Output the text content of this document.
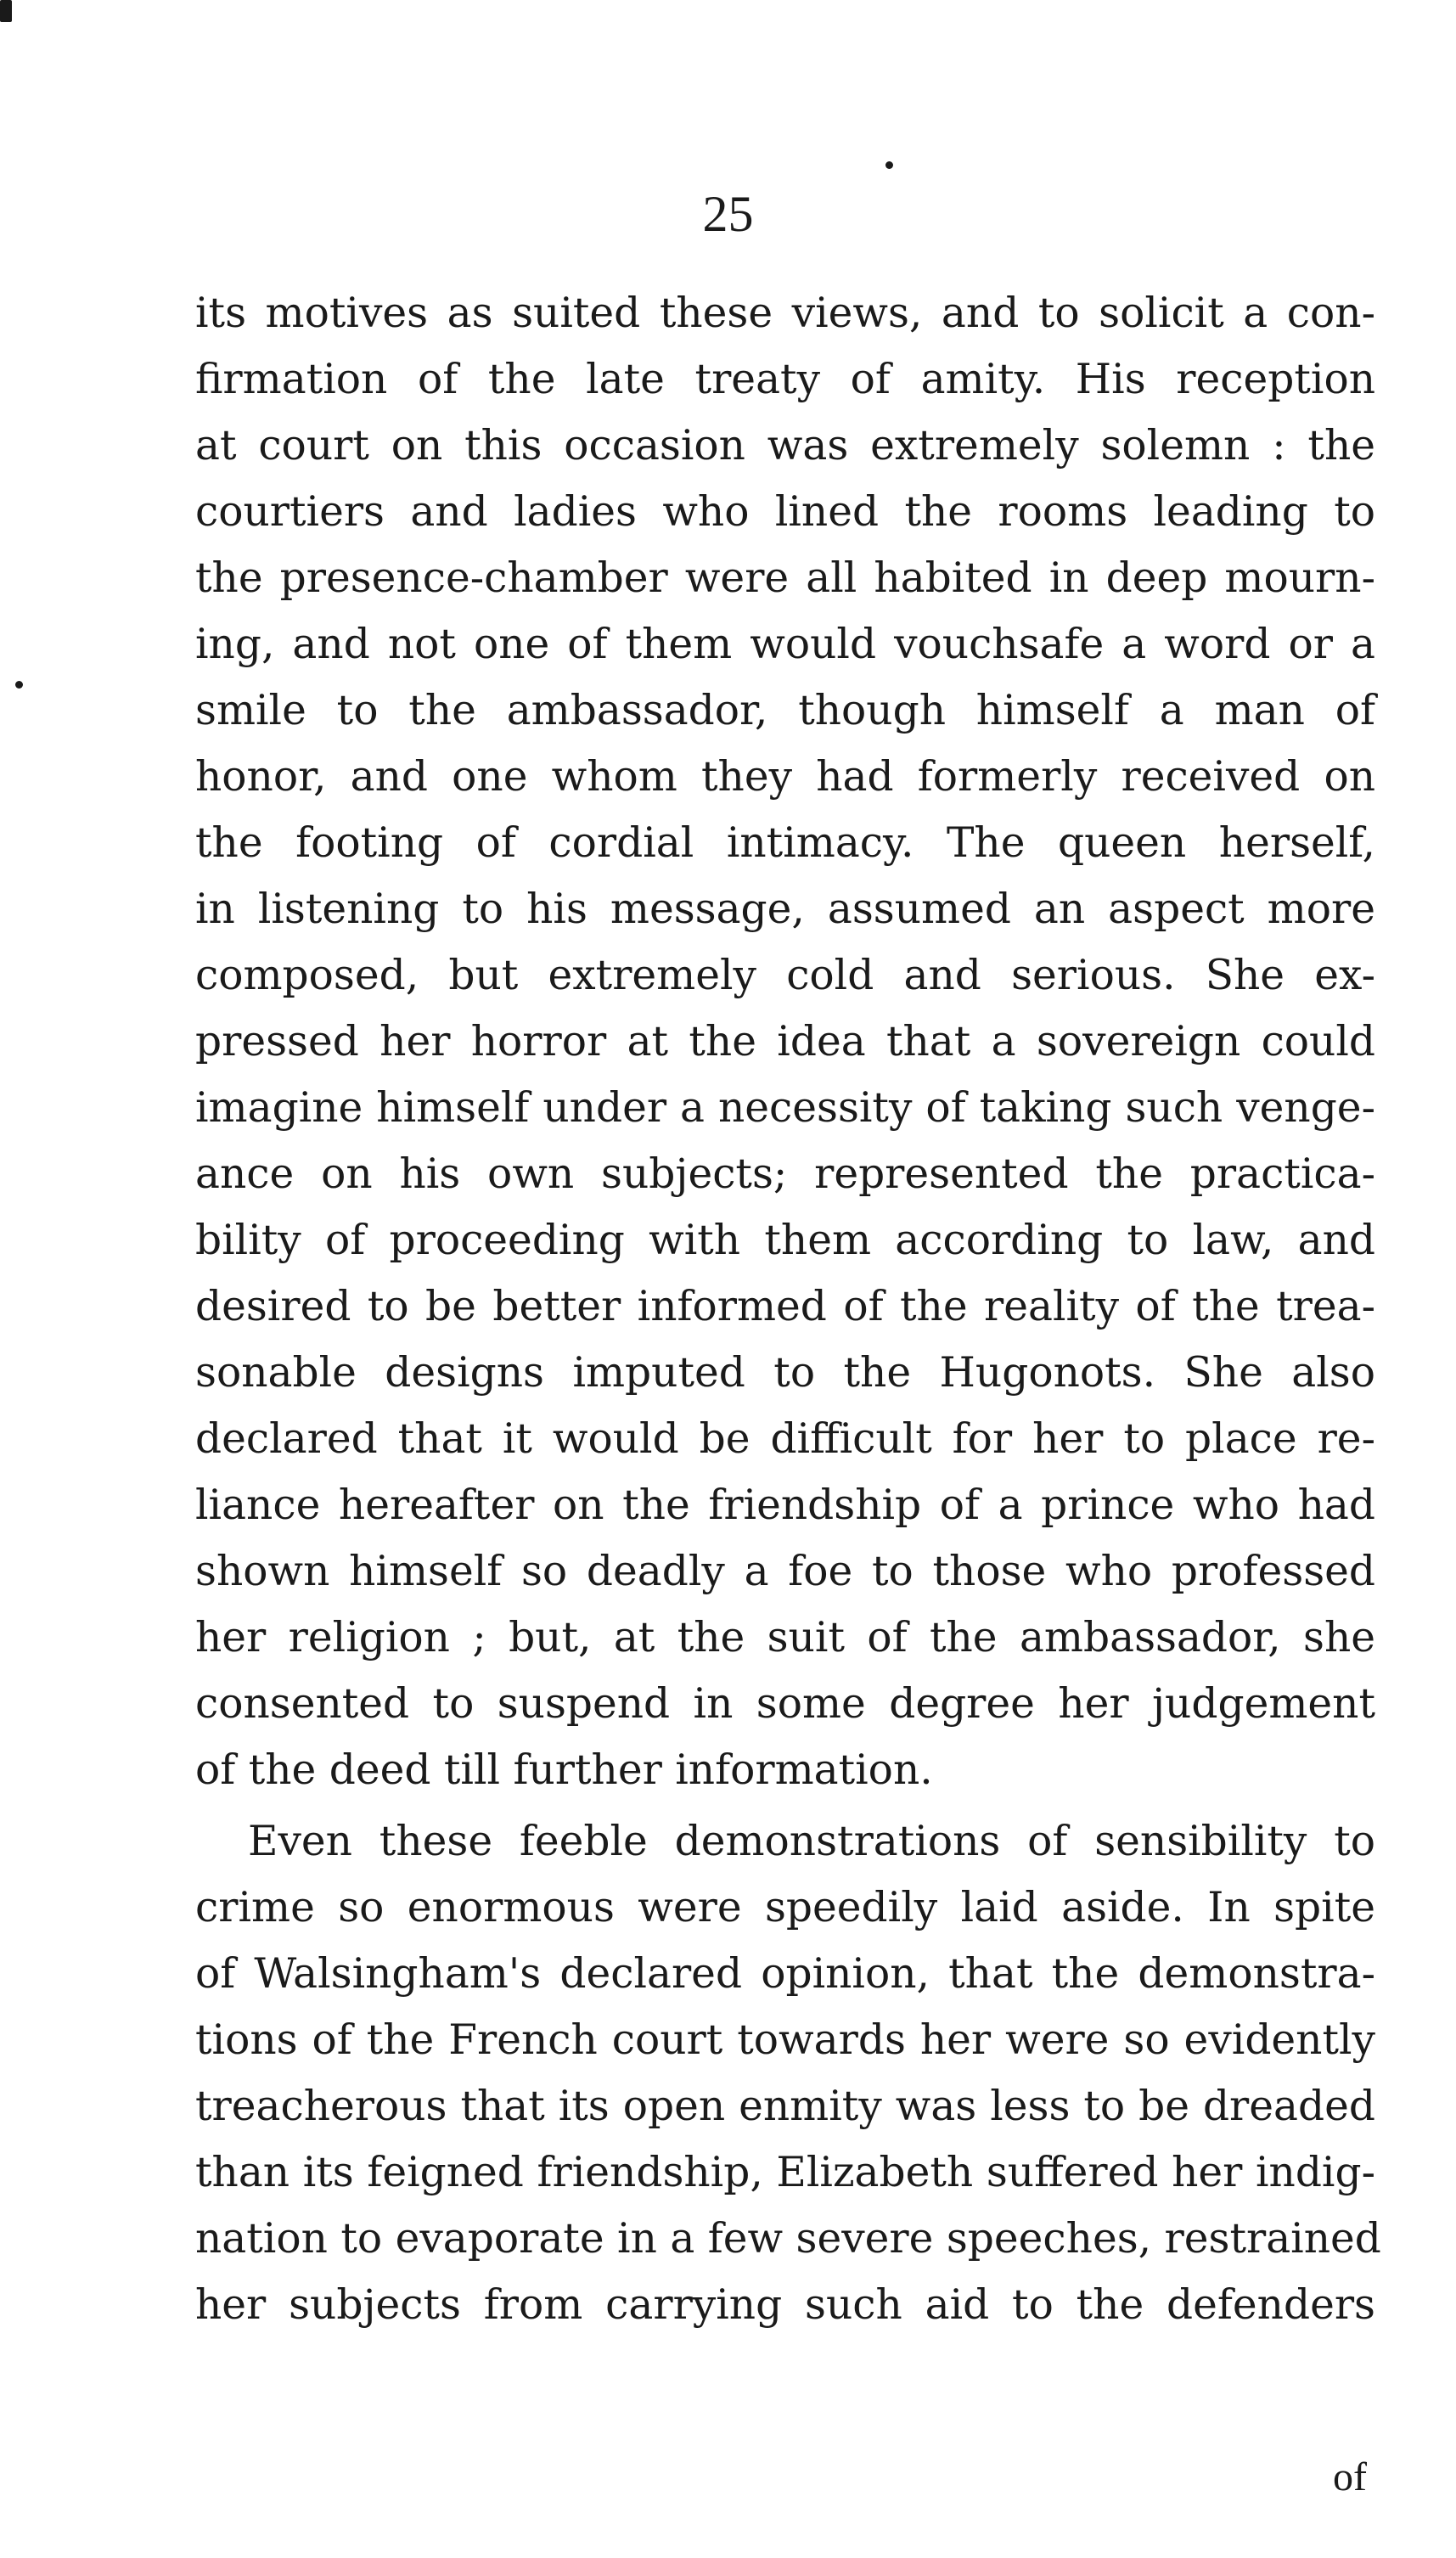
25
its motives as suited these views, and to solicit a con-
firmation of the late treaty of amity. His reception
at court on this occasion was extremely solemn : the
courtiers and ladies who lined the rooms leading to
the presence-chamber were all habited in deep mourn-
ing, and not one of them would vouchsafe a word or a
smile to the ambassador, though himself a man of
honor, and one whom they had formerly received on
the footing of cordial intimacy. The queen herself,
in listening to his message, assumed an aspect more
composed, but extremely cold and serious. She ex-
pressed her horror at the idea that a sovereign could
imagine himself under a necessity of taking such venge-
ance on his own subjects; represented the practica-
bility of proceeding with them according to law, and
desired to be better informed of the reality of the trea-
sonable designs imputed to the Hugonots. She also
declared that it would be difficult for her to place re-
liance hereafter on the friendship of a prince who had
shown himself so deadly a foe to those who professed
her religion ; but, at the suit of the ambassador, she
consented to suspend in some degree her judgement
of the deed till further information.
Even these feeble demonstrations of sensibility to
crime so enormous were speedily laid aside. In spite
of Walsingham's declared opinion, that the demonstra-
tions of the French court towards her were so evidently
treacherous that its open enmity was less to be dreaded
than its feigned friendship, Elizabeth suffered her indig-
nation to evaporate in a few severe speeches, restrained
her subjects from carrying such aid to the defenders
of
